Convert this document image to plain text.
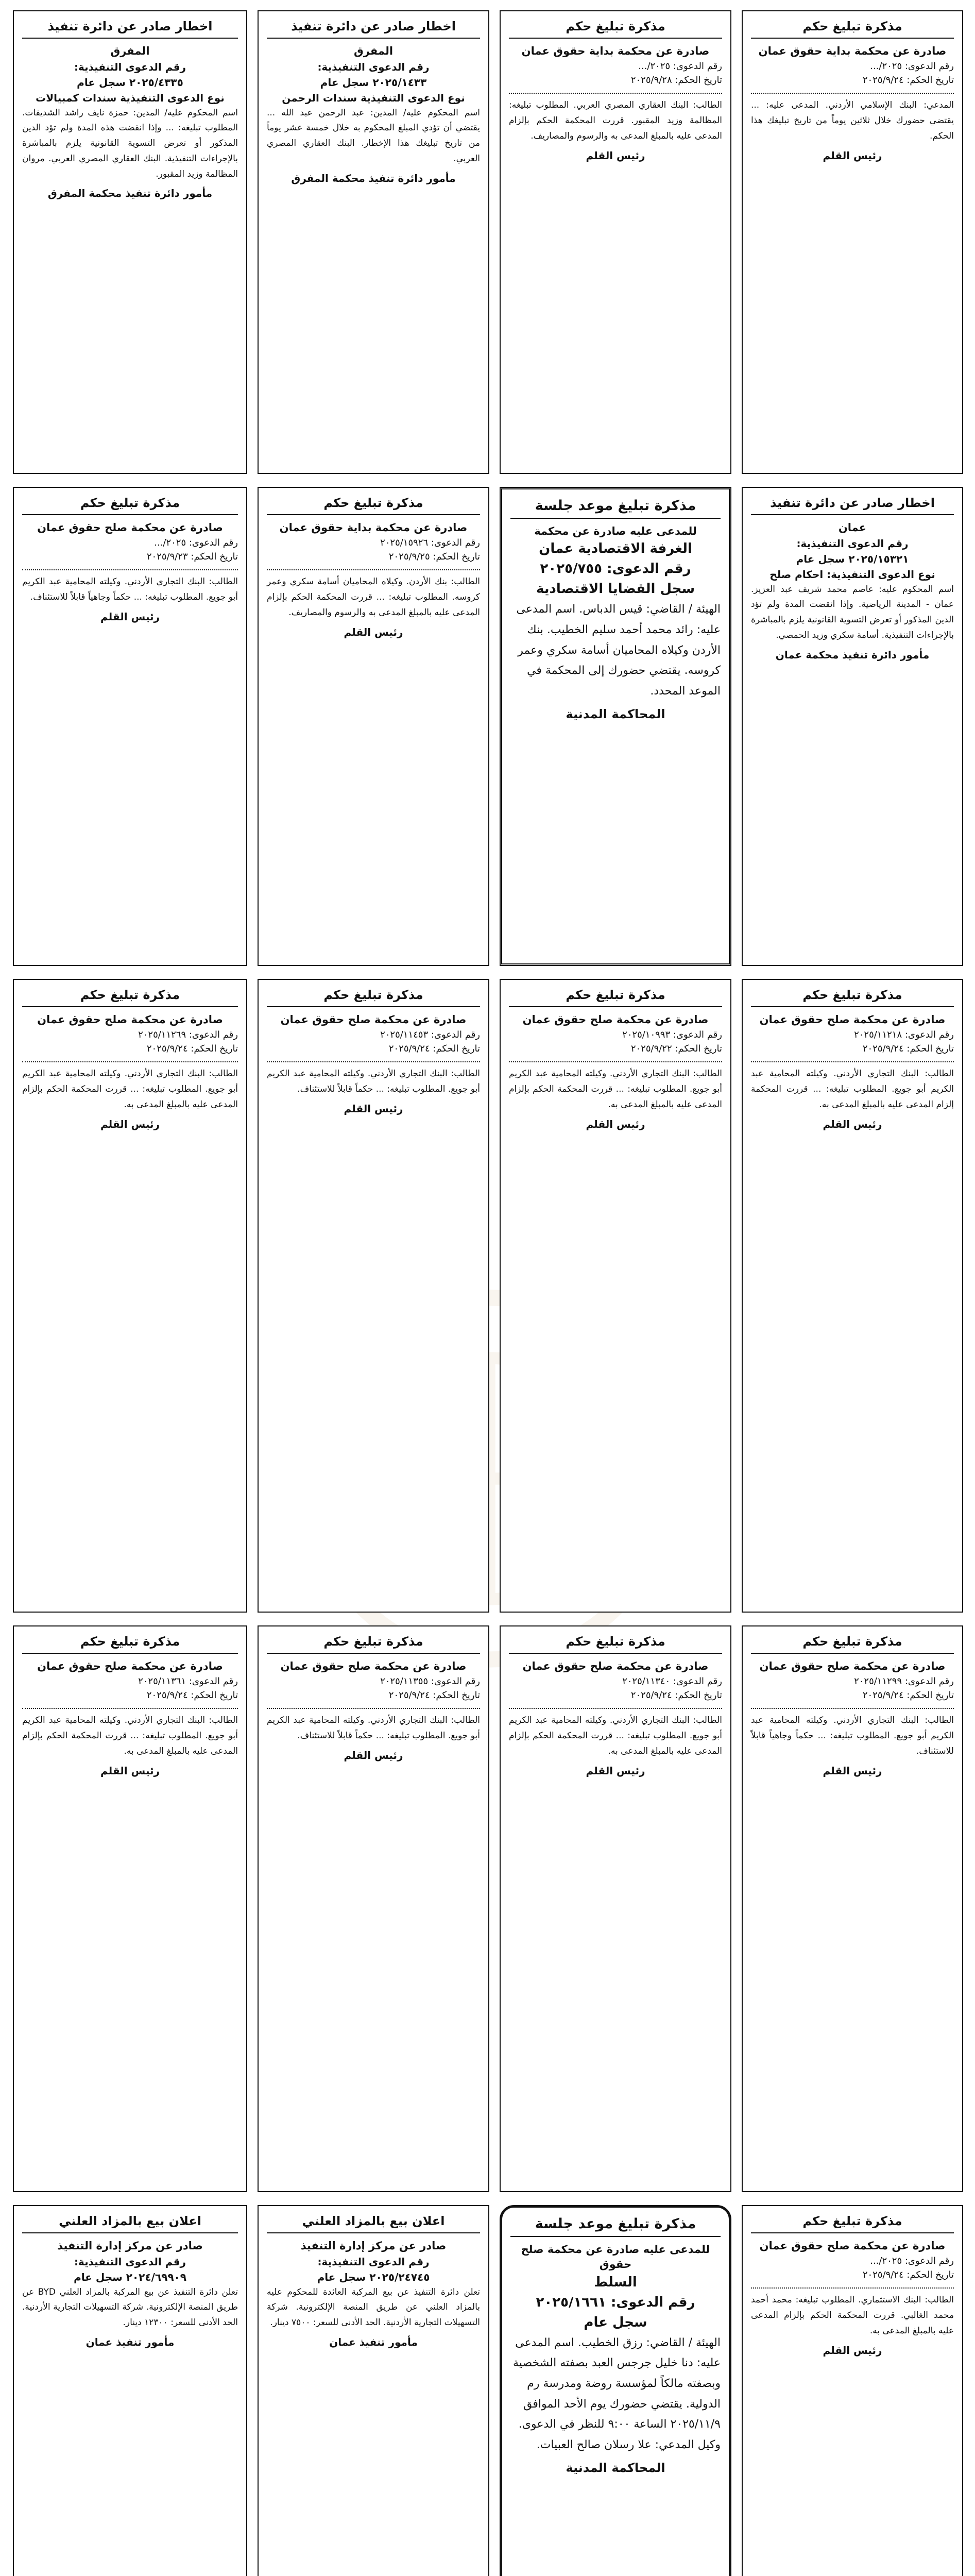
مذكرة تبليغ حكم
صادرة عن محكمة بداية حقوق عمان
رقم الدعوى: ٢٠٢٥/...
تاريخ الحكم: ٢٠٢٥/٩/٢٤
المدعي: البنك الإسلامي الأردني. المدعى عليه: ... يقتضي حضورك خلال ثلاثين يوماً من تاريخ تبليغك هذا الحكم.
رئيس القلم
مذكرة تبليغ حكم
صادرة عن محكمة بداية حقوق عمان
رقم الدعوى: ٢٠٢٥/...
تاريخ الحكم: ٢٠٢٥/٩/٢٨
الطالب: البنك العقاري المصري العربي. المطلوب تبليغه: المظالمة وزيد المقبور. قررت المحكمة الحكم بإلزام المدعى عليه بالمبلغ المدعى به والرسوم والمصاريف.
رئيس القلم
اخطار صادر عن دائرة تنفيذ
المفرق
رقم الدعوى التنفيذية:
٢٠٢٥/١٤٣٣ سجل عام
نوع الدعوى التنفيذية سندات الرحمن
اسم المحكوم عليه/ المدين: عبد الرحمن عبد الله ... يقتضي أن تؤدي المبلغ المحكوم به خلال خمسة عشر يوماً من تاريخ تبليغك هذا الإخطار. البنك العقاري المصري العربي.
مأمور دائرة تنفيذ محكمة المفرق
اخطار صادر عن دائرة تنفيذ
المفرق
رقم الدعوى التنفيذية:
٢٠٢٥/٤٣٣٥ سجل عام
نوع الدعوى التنفيذية سندات كمبيالات
اسم المحكوم عليه/ المدين: حمزة نايف راشد الشديفات. المطلوب تبليغه: ... وإذا انقضت هذه المدة ولم تؤد الدين المذكور أو تعرض التسوية القانونية يلزم بالمباشرة بالإجراءات التنفيذية. البنك العقاري المصري العربي. مروان المظالمة وزيد المقبور.
مأمور دائرة تنفيذ محكمة المفرق
اخطار صادر عن دائرة تنفيذ
عمان
رقم الدعوى التنفيذية:
٢٠٢٥/١٥٣٢١ سجل عام
نوع الدعوى التنفيذية: احكام صلح
اسم المحكوم عليه: عاصم محمد شريف عبد العزيز. عمان - المدينة الرياضية. وإذا انقضت المدة ولم تؤد الدين المذكور أو تعرض التسوية القانونية يلزم بالمباشرة بالإجراءات التنفيذية. أسامة سكري وزيد الحمصي.
مأمور دائرة تنفيذ محكمة عمان
مذكرة تبليغ موعد جلسة
للمدعى عليه صادرة عن محكمة
الغرفة الاقتصادية عمان
رقم الدعوى: ٢٠٢٥/٧٥٥
سجل القضايا الاقتصادية
الهيئة / القاضي: قيس الدباس. اسم المدعى عليه: رائد محمد أحمد سليم الخطيب. بنك الأردن وكيلاه المحاميان أسامة سكري وعمر كروسه. يقتضي حضورك إلى المحكمة في الموعد المحدد.
المحاكمة المدنية
مذكرة تبليغ حكم
صادرة عن محكمة بداية حقوق عمان
رقم الدعوى: ٢٠٢٥/١٥٩٢٦
تاريخ الحكم: ٢٠٢٥/٩/٢٥
الطالب: بنك الأردن. وكيلاه المحاميان أسامة سكري وعمر كروسه. المطلوب تبليغه: ... قررت المحكمة الحكم بإلزام المدعى عليه بالمبلغ المدعى به والرسوم والمصاريف.
رئيس القلم
مذكرة تبليغ حكم
صادرة عن محكمة صلح حقوق عمان
رقم الدعوى: ٢٠٢٥/...
تاريخ الحكم: ٢٠٢٥/٩/٢٣
الطالب: البنك التجاري الأردني. وكيلته المحامية عبد الكريم أبو جويع. المطلوب تبليغه: ... حكماً وجاهياً قابلاً للاستئناف.
رئيس القلم
مذكرة تبليغ حكم
صادرة عن محكمة صلح حقوق عمان
رقم الدعوى: ٢٠٢٥/١١٢١٨
تاريخ الحكم: ٢٠٢٥/٩/٢٤
الطالب: البنك التجاري الأردني. وكيلته المحامية عبد الكريم أبو جويع. المطلوب تبليغه: ... قررت المحكمة إلزام المدعى عليه بالمبلغ المدعى به.
رئيس القلم
مذكرة تبليغ حكم
صادرة عن محكمة صلح حقوق عمان
رقم الدعوى: ٢٠٢٥/١٠٩٩٣
تاريخ الحكم: ٢٠٢٥/٩/٢٢
الطالب: البنك التجاري الأردني. وكيلته المحامية عبد الكريم أبو جويع. المطلوب تبليغه: ... قررت المحكمة الحكم بإلزام المدعى عليه بالمبلغ المدعى به.
رئيس القلم
مذكرة تبليغ حكم
صادرة عن محكمة صلح حقوق عمان
رقم الدعوى: ٢٠٢٥/١١٤٥٣
تاريخ الحكم: ٢٠٢٥/٩/٢٤
الطالب: البنك التجاري الأردني. وكيلته المحامية عبد الكريم أبو جويع. المطلوب تبليغه: ... حكماً قابلاً للاستئناف.
رئيس القلم
مذكرة تبليغ حكم
صادرة عن محكمة صلح حقوق عمان
رقم الدعوى: ٢٠٢٥/١١٢٦٩
تاريخ الحكم: ٢٠٢٥/٩/٢٤
الطالب: البنك التجاري الأردني. وكيلته المحامية عبد الكريم أبو جويع. المطلوب تبليغه: ... قررت المحكمة الحكم بإلزام المدعى عليه بالمبلغ المدعى به.
رئيس القلم
مذكرة تبليغ حكم
صادرة عن محكمة صلح حقوق عمان
رقم الدعوى: ٢٠٢٥/١١٢٩٩
تاريخ الحكم: ٢٠٢٥/٩/٢٤
الطالب: البنك التجاري الأردني. وكيلته المحامية عبد الكريم أبو جويع. المطلوب تبليغه: ... حكماً وجاهياً قابلاً للاستئناف.
رئيس القلم
مذكرة تبليغ حكم
صادرة عن محكمة صلح حقوق عمان
رقم الدعوى: ٢٠٢٥/١١٣٤٠
تاريخ الحكم: ٢٠٢٥/٩/٢٤
الطالب: البنك التجاري الأردني. وكيلته المحامية عبد الكريم أبو جويع. المطلوب تبليغه: ... قررت المحكمة الحكم بإلزام المدعى عليه بالمبلغ المدعى به.
رئيس القلم
مذكرة تبليغ حكم
صادرة عن محكمة صلح حقوق عمان
رقم الدعوى: ٢٠٢٥/١١٣٥٥
تاريخ الحكم: ٢٠٢٥/٩/٢٤
الطالب: البنك التجاري الأردني. وكيلته المحامية عبد الكريم أبو جويع. المطلوب تبليغه: ... حكماً قابلاً للاستئناف.
رئيس القلم
مذكرة تبليغ حكم
صادرة عن محكمة صلح حقوق عمان
رقم الدعوى: ٢٠٢٥/١١٣٦١
تاريخ الحكم: ٢٠٢٥/٩/٢٤
الطالب: البنك التجاري الأردني. وكيلته المحامية عبد الكريم أبو جويع. المطلوب تبليغه: ... قررت المحكمة الحكم بإلزام المدعى عليه بالمبلغ المدعى به.
رئيس القلم
مذكرة تبليغ حكم
صادرة عن محكمة صلح حقوق عمان
رقم الدعوى: ٢٠٢٥/...
تاريخ الحكم: ٢٠٢٥/٩/٢٤
الطالب: البنك الاستثماري. المطلوب تبليغه: محمد أحمد محمد الغالبي. قررت المحكمة الحكم بإلزام المدعى عليه بالمبلغ المدعى به.
رئيس القلم
مذكرة تبليغ موعد جلسة
للمدعى عليه صادرة عن محكمة صلح حقوق
السلط
رقم الدعوى: ٢٠٢٥/١٦٦١
سجل عام
الهيئة / القاضي: رزق الخطيب. اسم المدعى عليه: دنا خليل جرجس العبد بصفته الشخصية وبصفته مالكاً لمؤسسة روضة ومدرسة رم الدولية. يقتضي حضورك يوم الأحد الموافق ٢٠٢٥/١١/٩ الساعة ٩:٠٠ للنظر في الدعوى. وكيل المدعي: علا رسلان صالح العبيات.
المحاكمة المدنية
اعلان بيع بالمزاد العلني
صادر عن مركز إدارة التنفيذ
رقم الدعوى التنفيذية:
٢٠٢٥/٢٤٧٤٥ سجل عام
تعلن دائرة التنفيذ عن بيع المركبة العائدة للمحكوم عليه بالمزاد العلني عن طريق المنصة الإلكترونية. شركة التسهيلات التجارية الأردنية. الحد الأدنى للسعر: ٧٥٠٠ دينار.
مأمور تنفيذ عمان
اعلان بيع بالمزاد العلني
صادر عن مركز إدارة التنفيذ
رقم الدعوى التنفيذية:
٢٠٢٤/٦٩٩٠٩ سجل عام
تعلن دائرة التنفيذ عن بيع المركبة بالمزاد العلني BYD عن طريق المنصة الإلكترونية. شركة التسهيلات التجارية الأردنية. الحد الأدنى للسعر: ١٢٣٠٠ دينار.
مأمور تنفيذ عمان
